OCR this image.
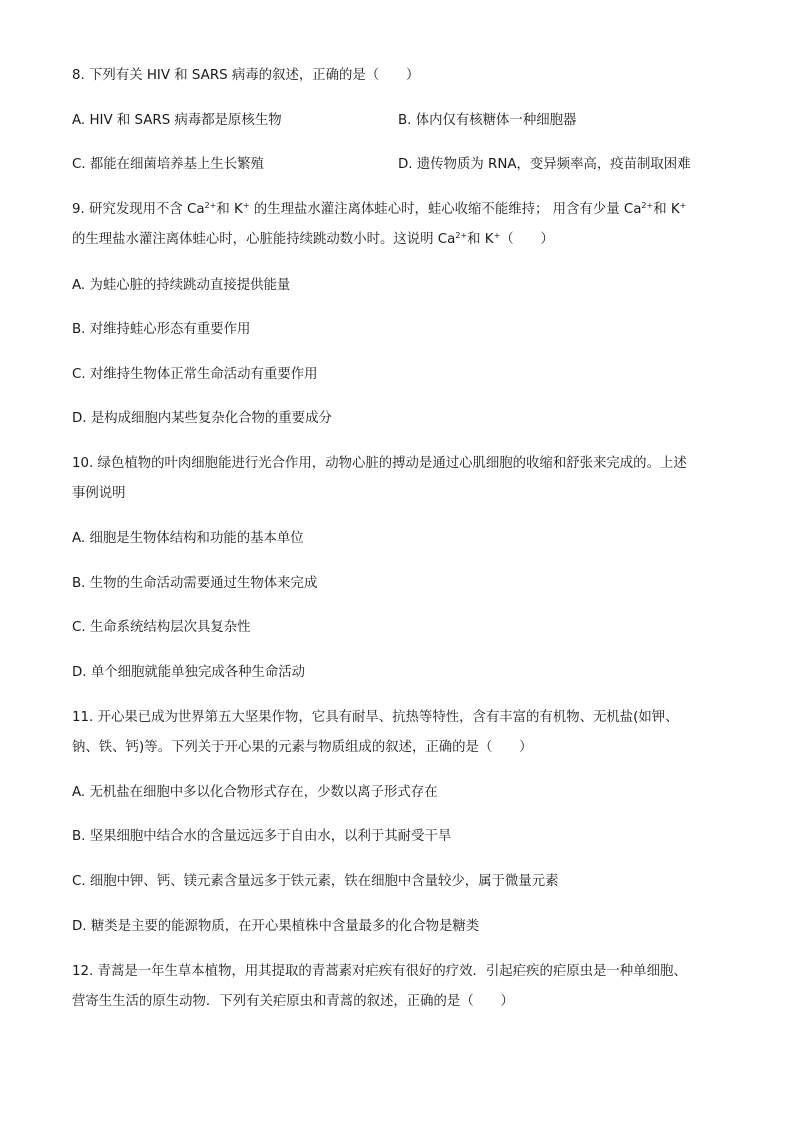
8. 下列有关 HIV 和 SARS 病毒的叙述，正确的是（　　）
A. HIV 和 SARS 病毒都是原核生物	B. 体内仅有核糖体一种细胞器
C. 都能在细菌培养基上生长繁殖	D. 遗传物质为 RNA，变异频率高，疫苗制取困难
9. 研究发现用不含 $Ca^{2+}$和 K+ 的生理盐水灌注离体蛙心时，蛙心收缩不能维持； 用含有少量 $Ca^{2+}$和 K+
的生理盐水灌注离体蛙心时，心脏能持续跳动数小时。这说明 $Ca^{2+}$和 K+（　　）
A. 为蛙心脏的持续跳动直接提供能量
B. 对维持蛙心形态有重要作用
C. 对维持生物体正常生命活动有重要作用
D. 是构成细胞内某些复杂化合物的重要成分
10. 绿色植物的叶肉细胞能进行光合作用，动物心脏的搏动是通过心肌细胞的收缩和舒张来完成的。上述
事例说明
A. 细胞是生物体结构和功能的基本单位
B. 生物的生命活动需要通过生物体来完成
C. 生命系统结构层次具复杂性
D. 单个细胞就能单独完成各种生命活动
11. 开心果已成为世界第五大坚果作物，它具有耐旱、抗热等特性，含有丰富的有机物、无机盐(如钾、
钠、铁、钙)等。下列关于开心果的元素与物质组成的叙述，正确的是（　　）
A. 无机盐在细胞中多以化合物形式存在，少数以离子形式存在
B. 坚果细胞中结合水的含量远远多于自由水，以利于其耐受干旱
C. 细胞中钾、钙、镁元素含量远多于铁元素，铁在细胞中含量较少，属于微量元素
D. 糖类是主要的能源物质，在开心果植株中含量最多的化合物是糖类
12. 青蒿是一年生草本植物，用其提取的青蒿素对疟疾有很好的疗效．引起疟疾的疟原虫是一种单细胞、
营寄生生活的原生动物．下列有关疟原虫和青蒿的叙述，正确的是（　　）
